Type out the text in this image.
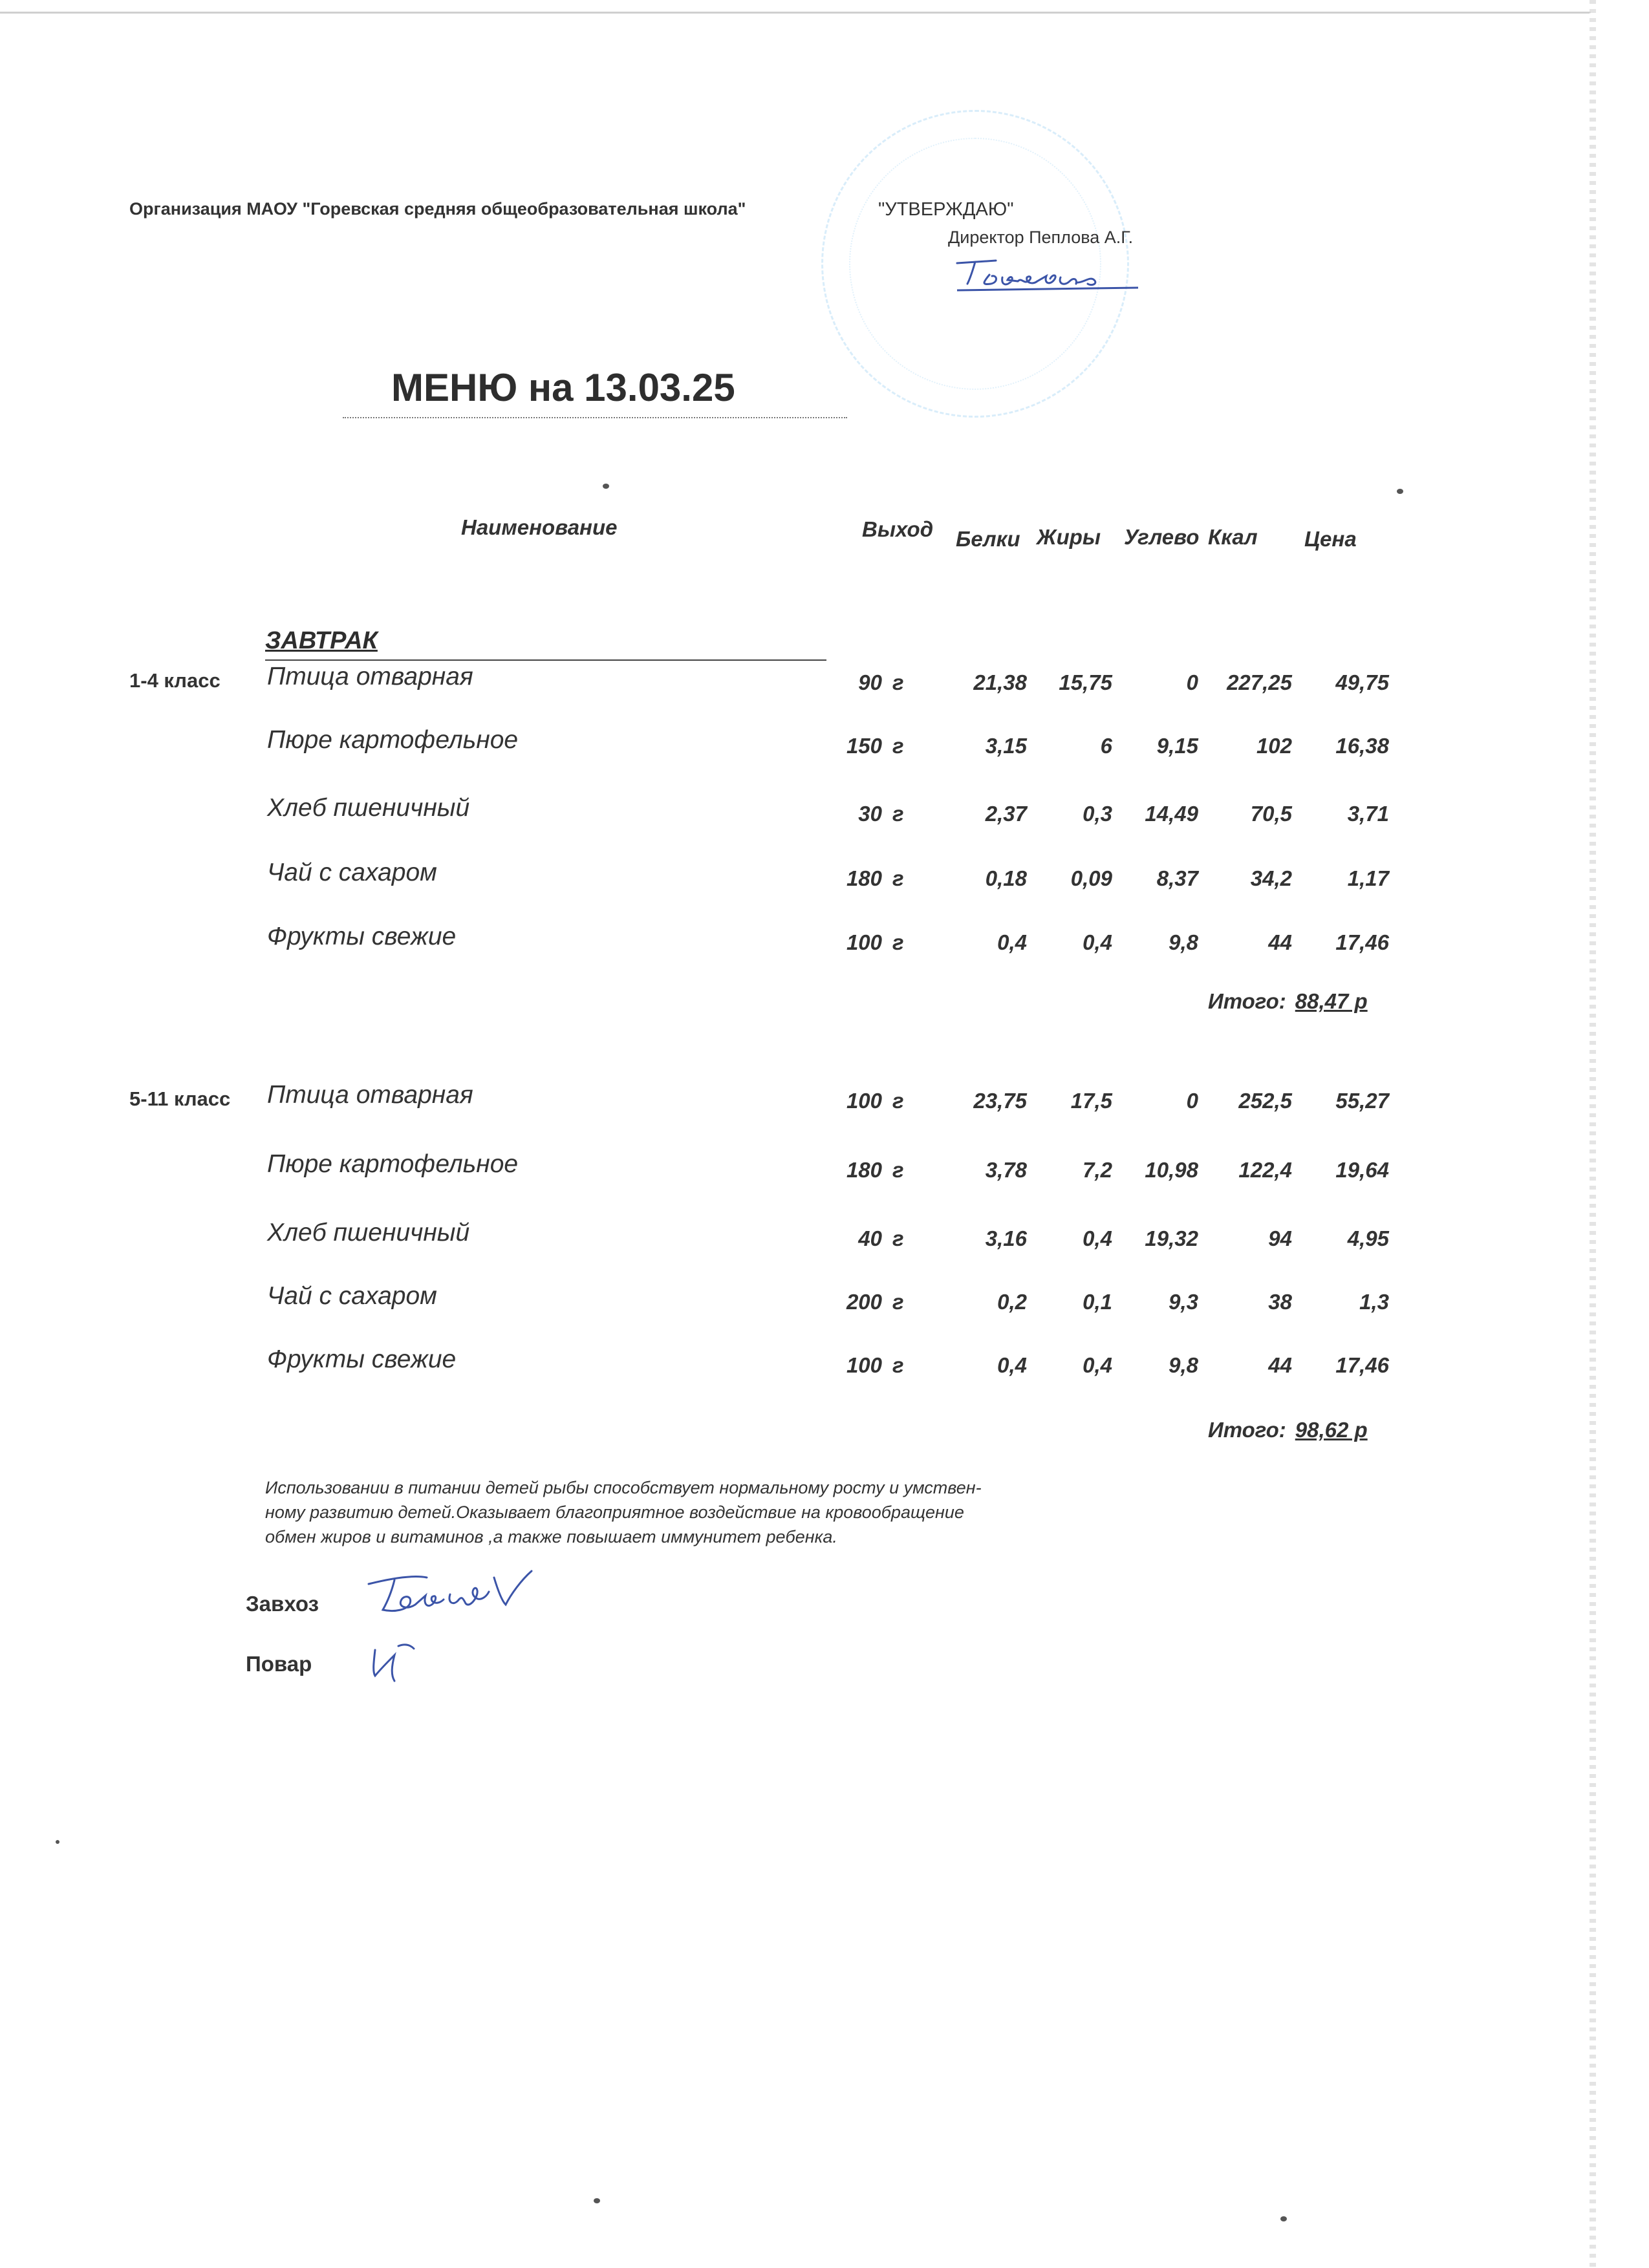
Организация МАОУ "Горевская средняя общеобразовательная школа"	"УТВЕРЖДАЮ"
Директор Пеплова А.Г.
МЕНЮ на 13.03.25
Наименование	Выход Белки Жиры Углево Ккал Цена
ЗАВТРАК
1-4 класс Птица отварная	90 г	21,38	15,75	0	227,25	49,75
Пюре картофельное	150 г	3,15	6	9,15	102	16,38
Хлеб пшеничный	30 г	2,37	0,3	14,49	70,5	3,71
Чай с сахаром	180 г	0,18	0,09	8,37	34,2	1,17
Фрукты свежие	100 г	0,4	0,4	9,8	44	17,46
Итого: 88,47 р
5-11 класс Птица отварная	100 г	23,75	17,5	0	252,5	55,27
Пюре картофельное	180 г	3,78	7,2	10,98	122,4	19,64
Хлеб пшеничный	40 г	3,16	0,4	19,32	94	4,95
Чай с сахаром	200 г	0,2	0,1	9,3	38	1,3
Фрукты свежие	100 г	0,4	0,4	9,8	44	17,46
Итого: 98,62 р
Использовании в питании детей рыбы способствует нормальному росту и умствен-
ному развитию детей.Оказывает благоприятное воздействие на кровообращение
обмен жиров и витаминов ,а также повышает иммунитет ребенка.
Завхоз
Повар
